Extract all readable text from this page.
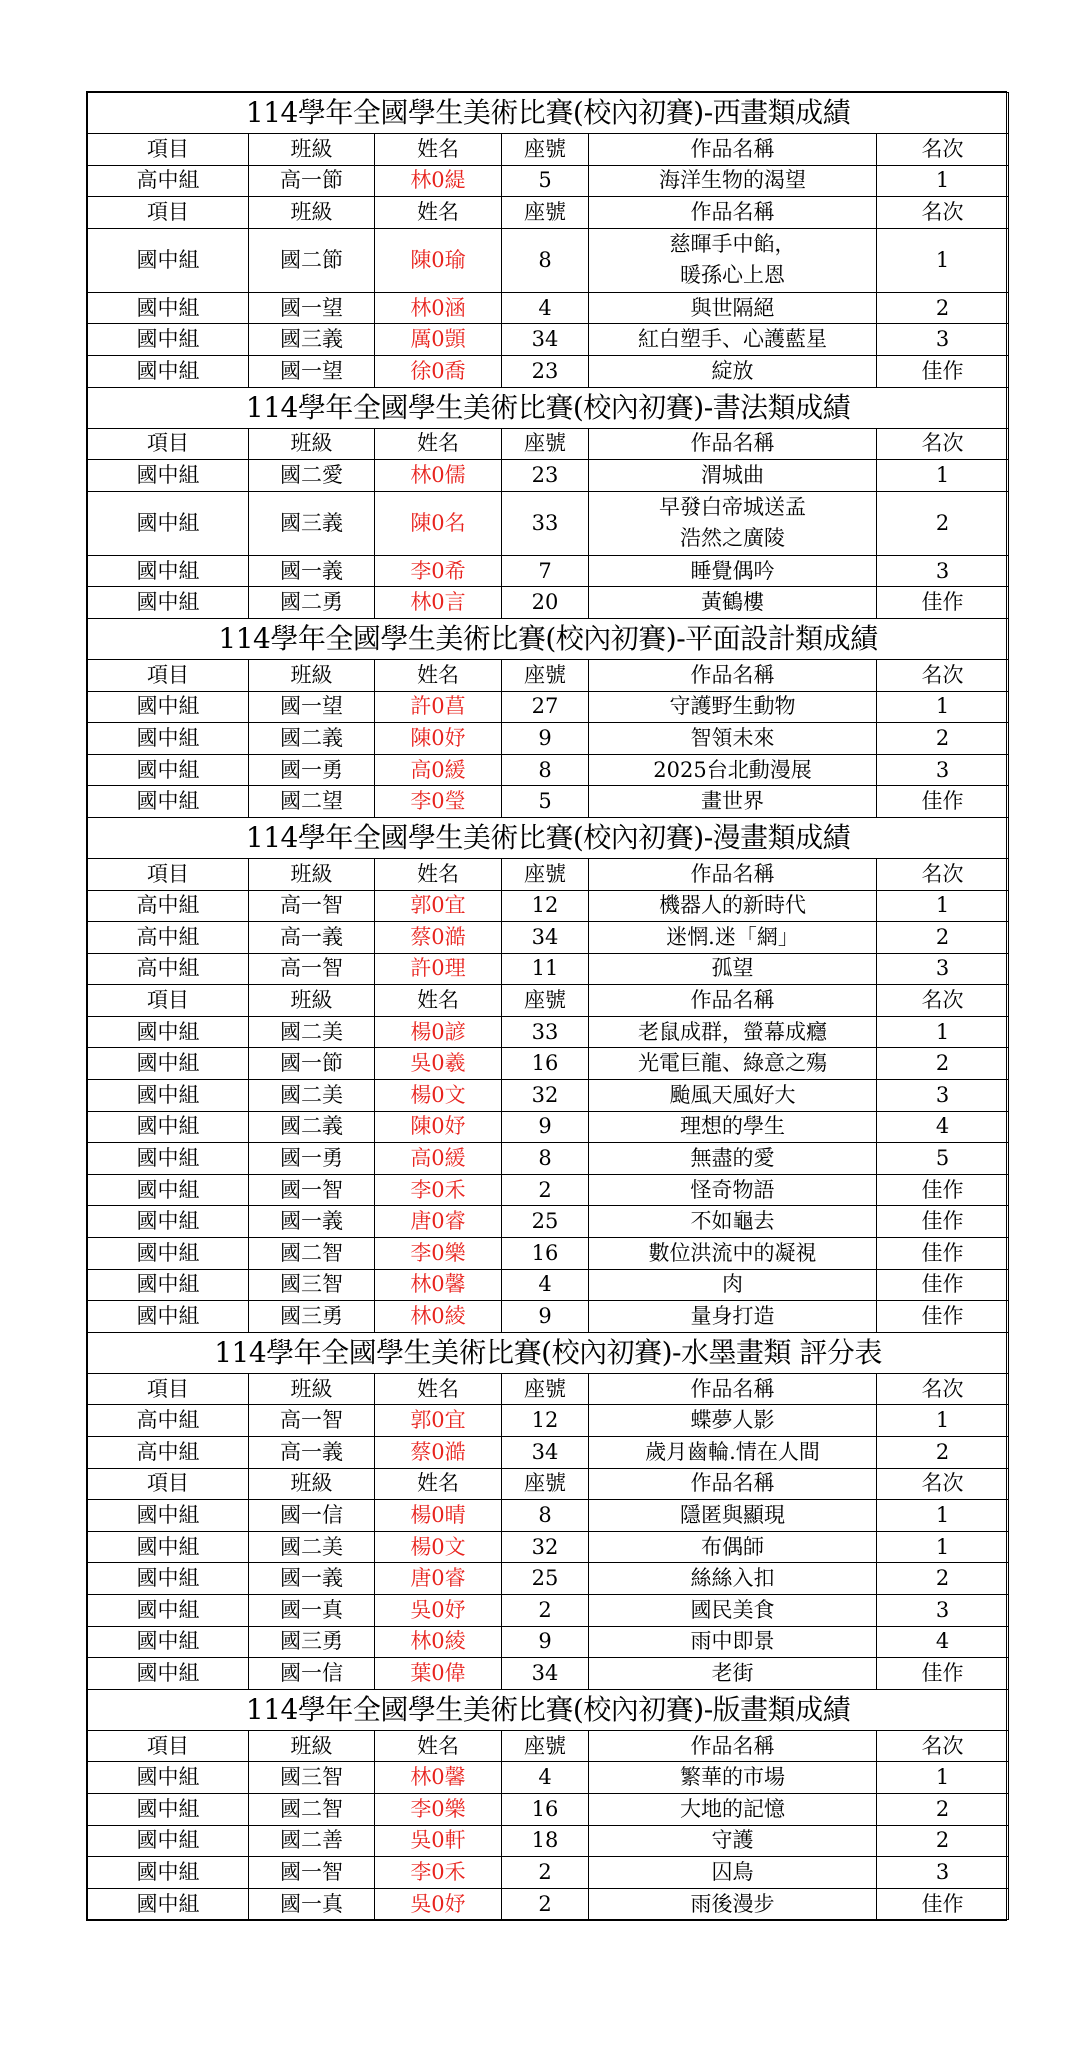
114學年全國學生美術比賽(校內初賽)-西畫類成績					
項目	班級	姓名	座號	作品名稱	名次
高中組	高一節	林0緹	5	海洋生物的渴望	1
項目	班級	姓名	座號	作品名稱	名次
國中組	國二節	陳0瑜	8	慈暉手中餡，
暖孫心上恩	1
國中組	國一望	林0涵	4	與世隔絕	2
國中組	國三義	厲0顗	34	紅白塑手、心護藍星	3
國中組	國一望	徐0喬	23	綻放	佳作
114學年全國學生美術比賽(校內初賽)-書法類成績					
項目	班級	姓名	座號	作品名稱	名次
國中組	國二愛	林0儒	23	渭城曲	1
國中組	國三義	陳0名	33	早發白帝城送孟
浩然之廣陵	2
國中組	國一義	李0希	7	睡覺偶吟	3
國中組	國二勇	林0言	20	黃鶴樓	佳作
114學年全國學生美術比賽(校內初賽)-平面設計類成績					
項目	班級	姓名	座號	作品名稱	名次
國中組	國一望	許0菖	27	守護野生動物	1
國中組	國二義	陳0妤	9	智領未來	2
國中組	國一勇	高0緩	8	2025台北動漫展	3
國中組	國二望	李0瑩	5	畫世界	佳作
114學年全國學生美術比賽(校內初賽)-漫畫類成績					
項目	班級	姓名	座號	作品名稱	名次
高中組	高一智	郭0宜	12	機器人的新時代	1
高中組	高一義	蔡0澔	34	迷惘.迷「網」	2
高中組	高一智	許0理	11	孤望	3
項目	班級	姓名	座號	作品名稱	名次
國中組	國二美	楊0諺	33	老鼠成群，螢幕成癮	1
國中組	國一節	吳0羲	16	光電巨龍、綠意之殤	2
國中組	國二美	楊0文	32	颱風天風好大	3
國中組	國二義	陳0妤	9	理想的學生	4
國中組	國一勇	高0緩	8	無盡的愛	5
國中組	國一智	李0禾	2	怪奇物語	佳作
國中組	國一義	唐0睿	25	不如龜去	佳作
國中組	國二智	李0樂	16	數位洪流中的凝視	佳作
國中組	國三智	林0馨	4	肉	佳作
國中組	國三勇	林0綾	9	量身打造	佳作
114學年全國學生美術比賽(校內初賽)-水墨畫類 評分表					
項目	班級	姓名	座號	作品名稱	名次
高中組	高一智	郭0宜	12	蝶夢人影	1
高中組	高一義	蔡0澔	34	歲月齒輪.情在人間	2
項目	班級	姓名	座號	作品名稱	名次
國中組	國一信	楊0晴	8	隱匿與顯現	1
國中組	國二美	楊0文	32	布偶師	1
國中組	國一義	唐0睿	25	絲絲入扣	2
國中組	國一真	吳0妤	2	國民美食	3
國中組	國三勇	林0綾	9	雨中即景	4
國中組	國一信	葉0偉	34	老街	佳作
114學年全國學生美術比賽(校內初賽)-版畫類成績					
項目	班級	姓名	座號	作品名稱	名次
國中組	國三智	林0馨	4	繁華的市場	1
國中組	國二智	李0樂	16	大地的記憶	2
國中組	國二善	吳0軒	18	守護	2
國中組	國一智	李0禾	2	囚鳥	3
國中組	國一真	吳0妤	2	雨後漫步	佳作
